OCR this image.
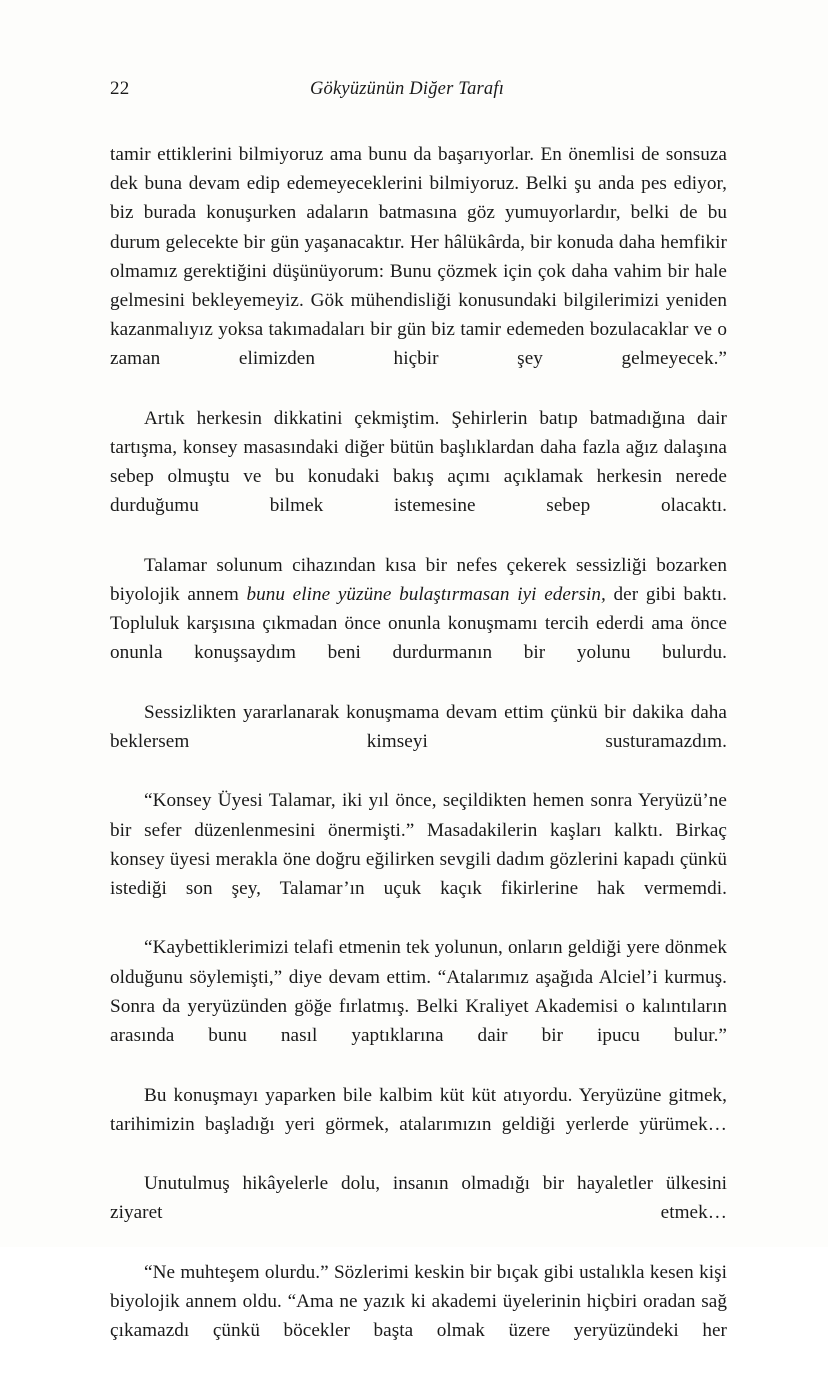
22	Gökyüzünün Diğer Tarafı

tamir ettiklerini bilmiyoruz ama bunu da başarıyorlar. En önemlisi de sonsuza dek buna devam edip edemeyeceklerini bilmiyoruz. Belki şu anda pes ediyor, biz burada konuşurken adaların batmasına göz yumuyorlardır, belki de bu durum gelecekte bir gün yaşanacaktır. Her hâlükârda, bir konuda daha hemfikir olmamız gerektiğini düşünüyorum: Bunu çözmek için çok daha vahim bir hale gelmesini bekleyemeyiz. Gök mühendisliği konusundaki bilgilerimizi yeniden kazanmalıyız yoksa takımadaları bir gün biz tamir edemeden bozulacaklar ve o zaman elimizden hiçbir şey gelmeyecek.”

Artık herkesin dikkatini çekmiştim. Şehirlerin batıp batmadığına dair tartışma, konsey masasındaki diğer bütün başlıklardan daha fazla ağız dalaşına sebep olmuştu ve bu konudaki bakış açımı açıklamak herkesin nerede durduğumu bilmek istemesine sebep olacaktı.

Talamar solunum cihazından kısa bir nefes çekerek sessizliği bozarken biyolojik annem bunu eline yüzüne bulaştırmasan iyi edersin, der gibi baktı. Topluluk karşısına çıkmadan önce onunla konuşmamı tercih ederdi ama önce onunla konuşsaydım beni durdurmanın bir yolunu bulurdu.

Sessizlikten yararlanarak konuşmama devam ettim çünkü bir dakika daha beklersem kimseyi susturamazdım.

“Konsey Üyesi Talamar, iki yıl önce, seçildikten hemen sonra Yeryüzü’ne bir sefer düzenlenmesini önermişti.” Masadakilerin kaşları kalktı. Birkaç konsey üyesi merakla öne doğru eğilirken sevgili dadım gözlerini kapadı çünkü istediği son şey, Talamar’ın uçuk kaçık fikirlerine hak vermemdi.

“Kaybettiklerimizi telafi etmenin tek yolunun, onların geldiği yere dönmek olduğunu söylemişti,” diye devam ettim. “Atalarımız aşağıda Alciel’i kurmuş. Sonra da yeryüzünden göğe fırlatmış. Belki Kraliyet Akademisi o kalıntıların arasında bunu nasıl yaptıklarına dair bir ipucu bulur.”

Bu konuşmayı yaparken bile kalbim küt küt atıyordu. Yeryüzüne gitmek, tarihimizin başladığı yeri görmek, atalarımızın geldiği yerlerde yürümek…

Unutulmuş hikâyelerle dolu, insanın olmadığı bir hayaletler ülkesini ziyaret etmek…

“Ne muhteşem olurdu.” Sözlerimi keskin bir bıçak gibi ustalıkla kesen kişi biyolojik annem oldu. “Ama ne yazık ki akademi üyelerinin hiçbiri oradan sağ çıkamazdı çünkü böcekler başta olmak üzere yeryüzündeki her
